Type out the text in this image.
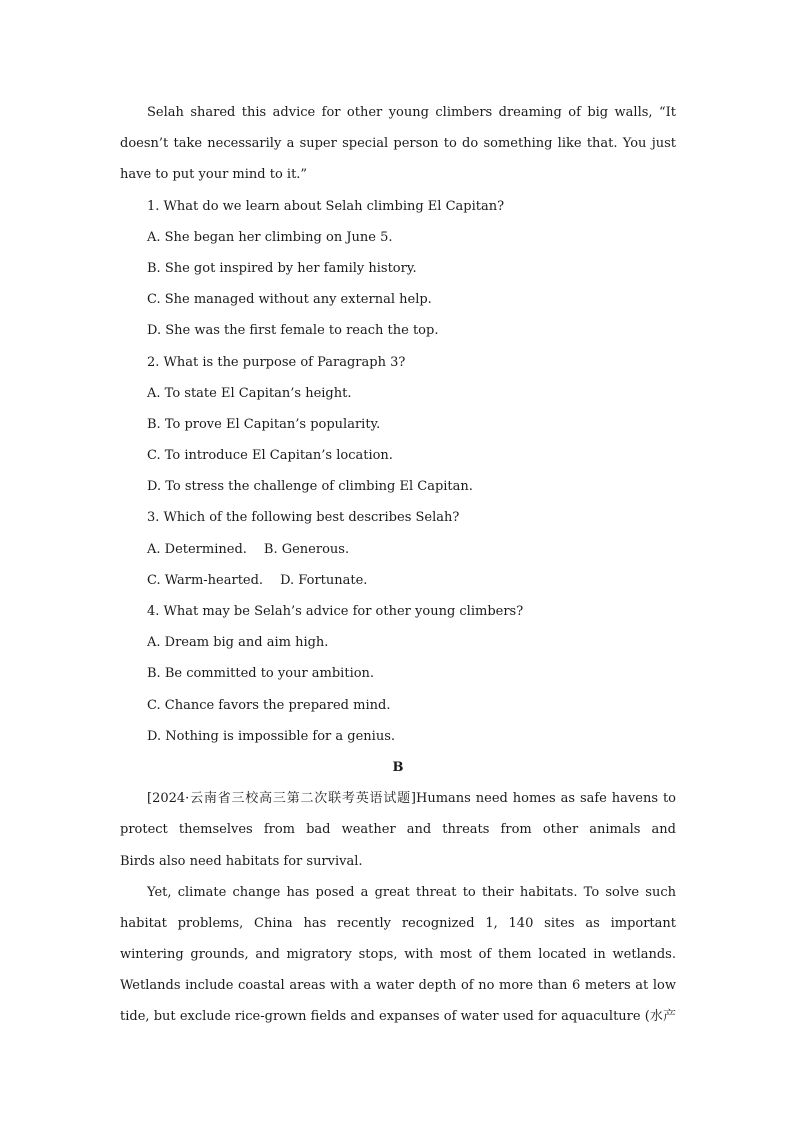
Selah shared this advice for other young climbers dreaming of big walls, “It
doesn’t take necessarily a super special person to do something like that. You just
have to put your mind to it.”
1. What do we learn about Selah climbing El Capitan?
A. She began her climbing on June 5.
B. She got inspired by her family history.
C. She managed without any external help.
D. She was the first female to reach the top.
2. What is the purpose of Paragraph 3?
A. To state El Capitan’s height.
B. To prove El Capitan’s popularity.
C. To introduce El Capitan’s location.
D. To stress the challenge of climbing El Capitan.
3. Which of the following best describes Selah?
A. Determined. B. Generous.
C. Warm-hearted. D. Fortunate.
4. What may be Selah’s advice for other young climbers?
A. Dream big and aim high.
B. Be committed to your ambition.
C. Chance favors the prepared mind.
D. Nothing is impossible for a genius.
B
[2024·云南省三校高三第二次联考英语试题]Humans need homes as safe havens to
protect themselves from bad weather and threats from other animals and
Birds also need habitats for survival.
Yet, climate change has posed a great threat to their habitats. To solve such
habitat problems, China has recently recognized 1, 140 sites as important
wintering grounds, and migratory stops, with most of them located in wetlands.
Wetlands include coastal areas with a water depth of no more than 6 meters at low
tide, but exclude rice-grown fields and expanses of water used for aquaculture (水产
